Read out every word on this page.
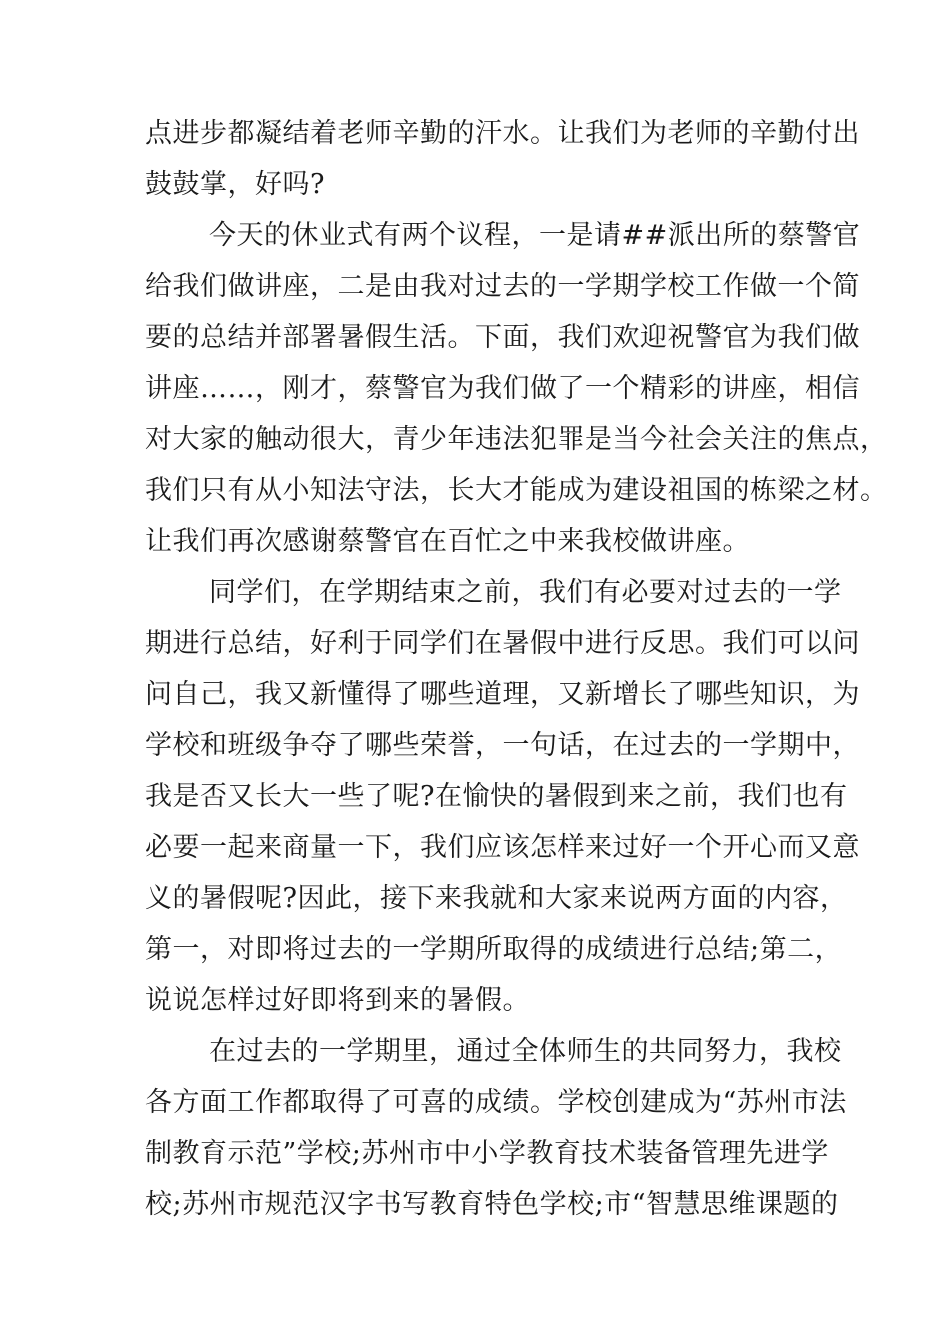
点进步都凝结着老师辛勤的汗水。让我们为老师的辛勤付出
鼓鼓掌，好吗?
今天的休业式有两个议程，一是请##派出所的蔡警官
给我们做讲座，二是由我对过去的一学期学校工作做一个简
要的总结并部署暑假生活。下面，我们欢迎祝警官为我们做
讲座……，刚才，蔡警官为我们做了一个精彩的讲座，相信
对大家的触动很大，青少年违法犯罪是当今社会关注的焦点，
我们只有从小知法守法，长大才能成为建设祖国的栋梁之材。
让我们再次感谢蔡警官在百忙之中来我校做讲座。
同学们，在学期结束之前，我们有必要对过去的一学
期进行总结，好利于同学们在暑假中进行反思。我们可以问
问自己，我又新懂得了哪些道理，又新增长了哪些知识，为
学校和班级争夺了哪些荣誉，一句话，在过去的一学期中，
我是否又长大一些了呢?在愉快的暑假到来之前，我们也有
必要一起来商量一下，我们应该怎样来过好一个开心而又意
义的暑假呢?因此，接下来我就和大家来说两方面的内容，
第一，对即将过去的一学期所取得的成绩进行总结;第二，
说说怎样过好即将到来的暑假。
在过去的一学期里，通过全体师生的共同努力，我校
各方面工作都取得了可喜的成绩。学校创建成为“苏州市法
制教育示范”学校;苏州市中小学教育技术装备管理先进学
校;苏州市规范汉字书写教育特色学校;市“智慧思维课题的
